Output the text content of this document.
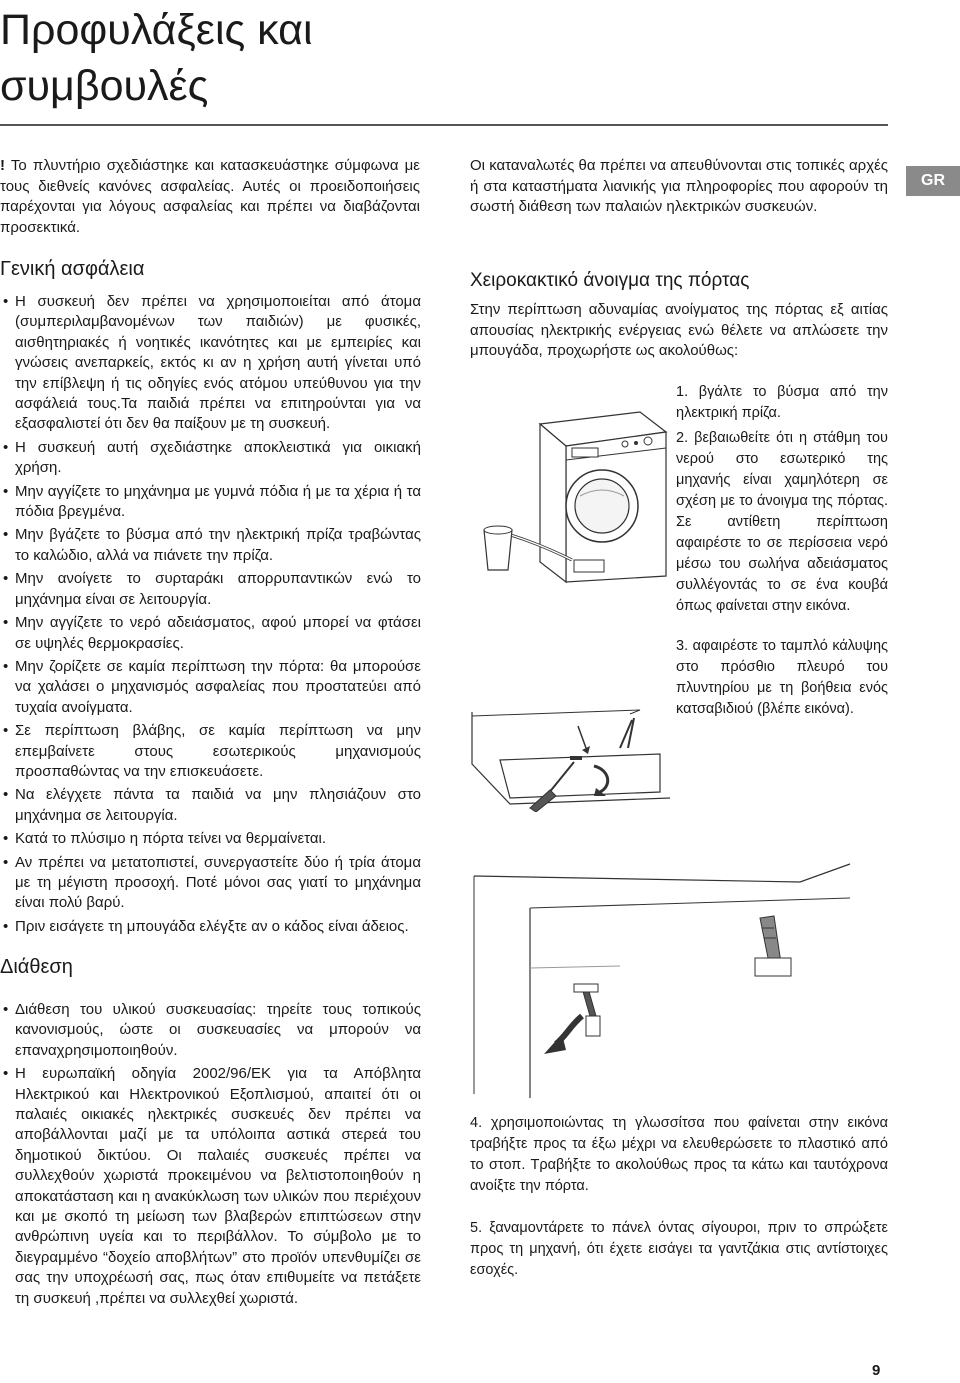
Προφυλάξεις και συμβουλές
! Το πλυντήριο σχεδιάστηκε και κατασκευάστηκε σύμφωνα με τους διεθνείς κανόνες ασφαλείας. Αυτές οι προειδοποιήσεις παρέχονται για λόγους ασφαλείας και πρέπει να διαβάζονται προσεκτικά.
Οι καταναλωτές θα πρέπει να απευθύνονται στις τοπικές αρχές ή στα καταστήματα λιανικής για πληροφορίες που αφορούν τη σωστή διάθεση των παλαιών ηλεκτρικών συσκευών.
GR
Γενική ασφάλεια
• Η συσκευή δεν πρέπει να χρησιμοποιείται από άτομα (συμπεριλαμβανομένων των παιδιών) με φυσικές, αισθητηριακές ή νοητικές ικανότητες και με εμπειρίες και γνώσεις ανεπαρκείς, εκτός κι αν η χρήση αυτή γίνεται υπό την επίβλεψη ή τις οδηγίες ενός ατόμου υπεύθυνου για την ασφάλειά τους.Τα παιδιά πρέπει να επιτηρούνται για να εξασφαλιστεί ότι δεν θα παίξουν με τη συσκευή.
• Η συσκευή αυτή σχεδιάστηκε αποκλειστικά για οικιακή χρήση.
• Μην αγγίζετε το μηχάνημα με γυμνά πόδια ή με τα χέρια ή τα πόδια βρεγμένα.
• Μην βγάζετε το βύσμα από την ηλεκτρική πρίζα τραβώντας το καλώδιο, αλλά να πιάνετε την πρίζα.
• Μην ανοίγετε το συρταράκι απορρυπαντικών ενώ το μηχάνημα είναι σε λειτουργία.
• Μην αγγίζετε το νερό αδειάσματος, αφού μπορεί να φτάσει σε υψηλές θερμοκρασίες.
• Μην ζορίζετε σε καμία περίπτωση την πόρτα: θα μπορούσε να χαλάσει ο μηχανισμός ασφαλείας που προστατεύει από τυχαία ανοίγματα.
• Σε περίπτωση βλάβης, σε καμία περίπτωση να μην επεμβαίνετε στους εσωτερικούς μηχανισμούς προσπαθώντας να την επισκευάσετε.
• Να ελέγχετε πάντα τα παιδιά να μην πλησιάζουν στο μηχάνημα σε λειτουργία.
• Κατά το πλύσιμο η πόρτα τείνει να θερμαίνεται.
• Αν πρέπει να μετατοπιστεί, συνεργαστείτε δύο ή τρία άτομα με τη μέγιστη προσοχή. Ποτέ μόνοι σας γιατί το μηχάνημα είναι πολύ βαρύ.
• Πριν εισάγετε τη μπουγάδα ελέγξτε αν ο κάδος είναι άδειος.
Διάθεση
• Διάθεση του υλικού συσκευασίας: τηρείτε τους τοπικούς κανονισμούς, ώστε οι συσκευασίες να μπορούν να επαναχρησιμοποιηθούν.
• Η ευρωπαϊκή οδηγία 2002/96/ΕΚ για τα Απόβλητα Ηλεκτρικού και Ηλεκτρονικού Εξοπλισμού, απαιτεί ότι οι παλαιές οικιακές ηλεκτρικές συσκευές δεν πρέπει να αποβάλλονται μαζί με τα υπόλοιπα αστικά στερεά του δημοτικού δικτύου. Οι παλαιές συσκευές πρέπει να συλλεχθούν χωριστά προκειμένου να βελτιστοποιηθούν η αποκατάσταση και η ανακύκλωση των υλικών που περιέχουν και με σκοπό τη μείωση των βλαβερών επιπτώσεων στην ανθρώπινη υγεία και το περιβάλλον. Το σύμβολο με το διεγραμμένο “δοχείο αποβλήτων” στο προϊόν υπενθυμίζει σε σας την υποχρέωσή σας, πως όταν επιθυμείτε να πετάξετε τη συσκευή ,πρέπει να συλλεχθεί χωριστά.
Χειροκακτικό άνοιγμα της πόρτας
Στην περίπτωση αδυναμίας ανοίγματος της πόρτας εξ αιτίας απουσίας ηλεκτρικής ενέργειας ενώ θέλετε να απλώσετε την μπουγάδα, προχωρήστε ως ακολούθως:
1. βγάλτε το βύσμα από την ηλεκτρική πρίζα.
2. βεβαιωθείτε ότι η στάθμη του νερού στο εσωτερικό της μηχανής είναι χαμηλότερη σε σχέση με το άνοιγμα της πόρτας. Σε αντίθετη περίπτωση αφαιρέστε το σε περίσσεια νερό μέσω του σωλήνα αδειάσματος συλλέγοντάς το σε ένα κουβά όπως φαίνεται στην εικόνα.
3. αφαιρέστε το ταμπλό κάλυψης στο πρόσθιο πλευρό του πλυντηρίου με τη βοήθεια ενός κατσαβιδιού (βλέπε εικόνα).
4. χρησιμοποιώντας τη γλωσσίτσα που φαίνεται στην εικόνα τραβήξτε προς τα έξω μέχρι να ελευθερώσετε το πλαστικό από το στοπ. Τραβήξτε το ακολούθως προς τα κάτω και ταυτόχρονα ανοίξτε την πόρτα.
5. ξαναμοντάρετε το πάνελ όντας σίγουροι, πριν το σπρώξετε προς τη μηχανή, ότι έχετε εισάγει τα γαντζάκια στις αντίστοιχες εσοχές.
9
